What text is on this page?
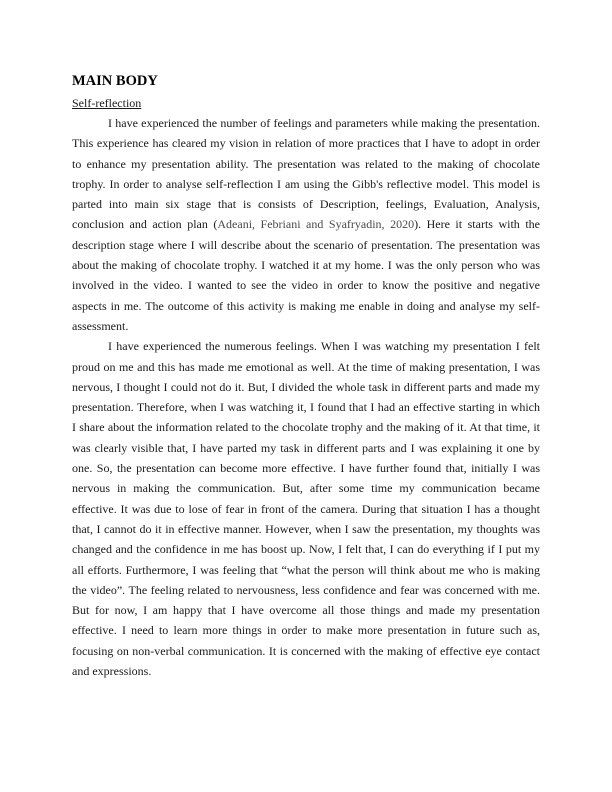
MAIN BODY

Self-reflection

I have experienced the number of feelings and parameters while making the presentation. This experience has cleared my vision in relation of more practices that I have to adopt in order to enhance my presentation ability. The presentation was related to the making of chocolate trophy. In order to analyse self-reflection I am using the Gibb's reflective model. This model is parted into main six stage that is consists of Description, feelings, Evaluation, Analysis, conclusion and action plan (Adeani, Febriani and Syafryadin, 2020). Here it starts with the description stage where I will describe about the scenario of presentation. The presentation was about the making of chocolate trophy. I watched it at my home. I was the only person who was involved in the video. I wanted to see the video in order to know the positive and negative aspects in me. The outcome of this activity is making me enable in doing and analyse my self-assessment.

I have experienced the numerous feelings. When I was watching my presentation I felt proud on me and this has made me emotional as well. At the time of making presentation, I was nervous, I thought I could not do it. But, I divided the whole task in different parts and made my presentation. Therefore, when I was watching it, I found that I had an effective starting in which I share about the information related to the chocolate trophy and the making of it. At that time, it was clearly visible that, I have parted my task in different parts and I was explaining it one by one. So, the presentation can become more effective. I have further found that, initially I was nervous in making the communication. But, after some time my communication became effective. It was due to lose of fear in front of the camera. During that situation I has a thought that, I cannot do it in effective manner. However, when I saw the presentation, my thoughts was changed and the confidence in me has boost up. Now, I felt that, I can do everything if I put my all efforts. Furthermore, I was feeling that “what the person will think about me who is making the video”. The feeling related to nervousness, less confidence and fear was concerned with me. But for now, I am happy that I have overcome all those things and made my presentation effective. I need to learn more things in order to make more presentation in future such as, focusing on non-verbal communication. It is concerned with the making of effective eye contact and expressions.
